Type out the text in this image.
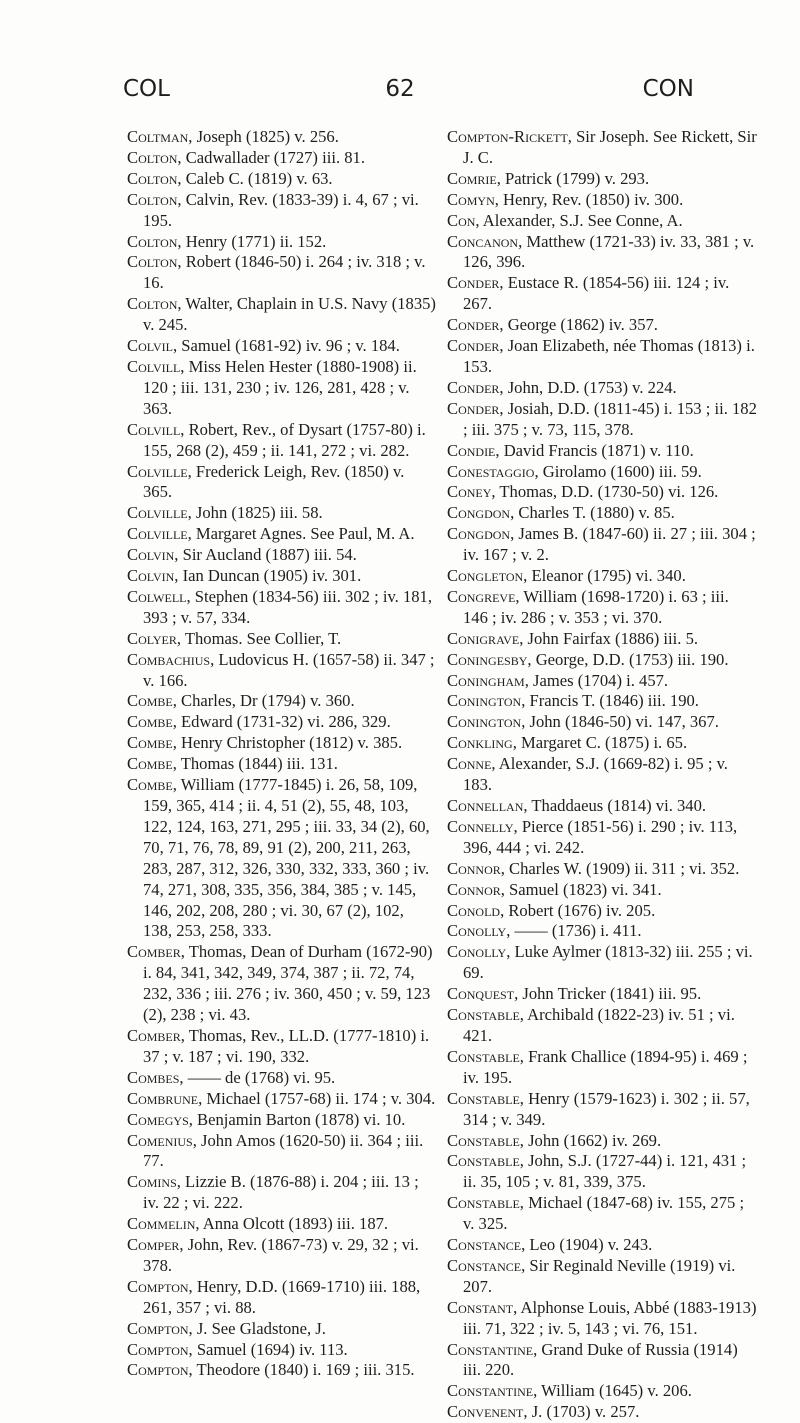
COL	62	CON

Coltman, Joseph (1825) v. 256.

Colton, Cadwallader (1727) iii. 81.

Colton, Caleb C. (1819) v. 63.

Colton, Calvin, Rev. (1833-39) i. 4, 67 ; vi. 195.

Colton, Henry (1771) ii. 152.

Colton, Robert (1846-50) i. 264 ; iv. 318 ; v. 16.

Colton, Walter, Chaplain in U.S. Navy (1835) v. 245.

Colvil, Samuel (1681-92) iv. 96 ; v. 184.

Colvill, Miss Helen Hester (1880-1908) ii. 120 ; iii. 131, 230 ; iv. 126, 281, 428 ; v. 363.

Colvill, Robert, Rev., of Dysart (1757-80) i. 155, 268 (2), 459 ; ii. 141, 272 ; vi. 282.

Colville, Frederick Leigh, Rev. (1850) v. 365.

Colville, John (1825) iii. 58.

Colville, Margaret Agnes. See Paul, M. A.

Colvin, Sir Aucland (1887) iii. 54.

Colvin, Ian Duncan (1905) iv. 301.

Colwell, Stephen (1834-56) iii. 302 ; iv. 181, 393 ; v. 57, 334.

Colyer, Thomas. See Collier, T.

Combachius, Ludovicus H. (1657-58) ii. 347 ; v. 166.

Combe, Charles, Dr (1794) v. 360.

Combe, Edward (1731-32) vi. 286, 329.

Combe, Henry Christopher (1812) v. 385.

Combe, Thomas (1844) iii. 131.

Combe, William (1777-1845) i. 26, 58, 109, 159, 365, 414 ; ii. 4, 51 (2), 55, 48, 103, 122, 124, 163, 271, 295 ; iii. 33, 34 (2), 60, 70, 71, 76, 78, 89, 91 (2), 200, 211, 263, 283, 287, 312, 326, 330, 332, 333, 360 ; iv. 74, 271, 308, 335, 356, 384, 385 ; v. 145, 146, 202, 208, 280 ; vi. 30, 67 (2), 102, 138, 253, 258, 333.

Comber, Thomas, Dean of Durham (1672-90) i. 84, 341, 342, 349, 374, 387 ; ii. 72, 74, 232, 336 ; iii. 276 ; iv. 360, 450 ; v. 59, 123 (2), 238 ; vi. 43.

Comber, Thomas, Rev., LL.D. (1777-1810) i. 37 ; v. 187 ; vi. 190, 332.

Combes, —— de (1768) vi. 95.

Combrune, Michael (1757-68) ii. 174 ; v. 304.

Comegys, Benjamin Barton (1878) vi. 10.

Comenius, John Amos (1620-50) ii. 364 ; iii. 77.

Comins, Lizzie B. (1876-88) i. 204 ; iii. 13 ; iv. 22 ; vi. 222.

Commelin, Anna Olcott (1893) iii. 187.

Comper, John, Rev. (1867-73) v. 29, 32 ; vi. 378.

Compton, Henry, D.D. (1669-1710) iii. 188, 261, 357 ; vi. 88.

Compton, J. See Gladstone, J.

Compton, Samuel (1694) iv. 113.

Compton, Theodore (1840) i. 169 ; iii. 315.

Compton-Rickett, Sir Joseph. See Rickett, Sir J. C.

Comrie, Patrick (1799) v. 293.

Comyn, Henry, Rev. (1850) iv. 300.

Con, Alexander, S.J. See Conne, A.

Concanon, Matthew (1721-33) iv. 33, 381 ; v. 126, 396.

Conder, Eustace R. (1854-56) iii. 124 ; iv. 267.

Conder, George (1862) iv. 357.

Conder, Joan Elizabeth, née Thomas (1813) i. 153.

Conder, John, D.D. (1753) v. 224.

Conder, Josiah, D.D. (1811-45) i. 153 ; ii. 182 ; iii. 375 ; v. 73, 115, 378.

Condie, David Francis (1871) v. 110.

Conestaggio, Girolamo (1600) iii. 59.

Coney, Thomas, D.D. (1730-50) vi. 126.

Congdon, Charles T. (1880) v. 85.

Congdon, James B. (1847-60) ii. 27 ; iii. 304 ; iv. 167 ; v. 2.

Congleton, Eleanor (1795) vi. 340.

Congreve, William (1698-1720) i. 63 ; iii. 146 ; iv. 286 ; v. 353 ; vi. 370.

Conigrave, John Fairfax (1886) iii. 5.

Coningesby, George, D.D. (1753) iii. 190.

Coningham, James (1704) i. 457.

Conington, Francis T. (1846) iii. 190.

Conington, John (1846-50) vi. 147, 367.

Conkling, Margaret C. (1875) i. 65.

Conne, Alexander, S.J. (1669-82) i. 95 ; v. 183.

Connellan, Thaddaeus (1814) vi. 340.

Connelly, Pierce (1851-56) i. 290 ; iv. 113, 396, 444 ; vi. 242.

Connor, Charles W. (1909) ii. 311 ; vi. 352.

Connor, Samuel (1823) vi. 341.

Conold, Robert (1676) iv. 205.

Conolly, —— (1736) i. 411.

Conolly, Luke Aylmer (1813-32) iii. 255 ; vi. 69.

Conquest, John Tricker (1841) iii. 95.

Constable, Archibald (1822-23) iv. 51 ; vi. 421.

Constable, Frank Challice (1894-95) i. 469 ; iv. 195.

Constable, Henry (1579-1623) i. 302 ; ii. 57, 314 ; v. 349.

Constable, John (1662) iv. 269.

Constable, John, S.J. (1727-44) i. 121, 431 ; ii. 35, 105 ; v. 81, 339, 375.

Constable, Michael (1847-68) iv. 155, 275 ; v. 325.

Constance, Leo (1904) v. 243.

Constance, Sir Reginald Neville (1919) vi. 207.

Constant, Alphonse Louis, Abbé (1883-1913) iii. 71, 322 ; iv. 5, 143 ; vi. 76, 151.

Constantine, Grand Duke of Russia (1914) iii. 220.

Constantine, William (1645) v. 206.

Convenent, J. (1703) v. 257.
